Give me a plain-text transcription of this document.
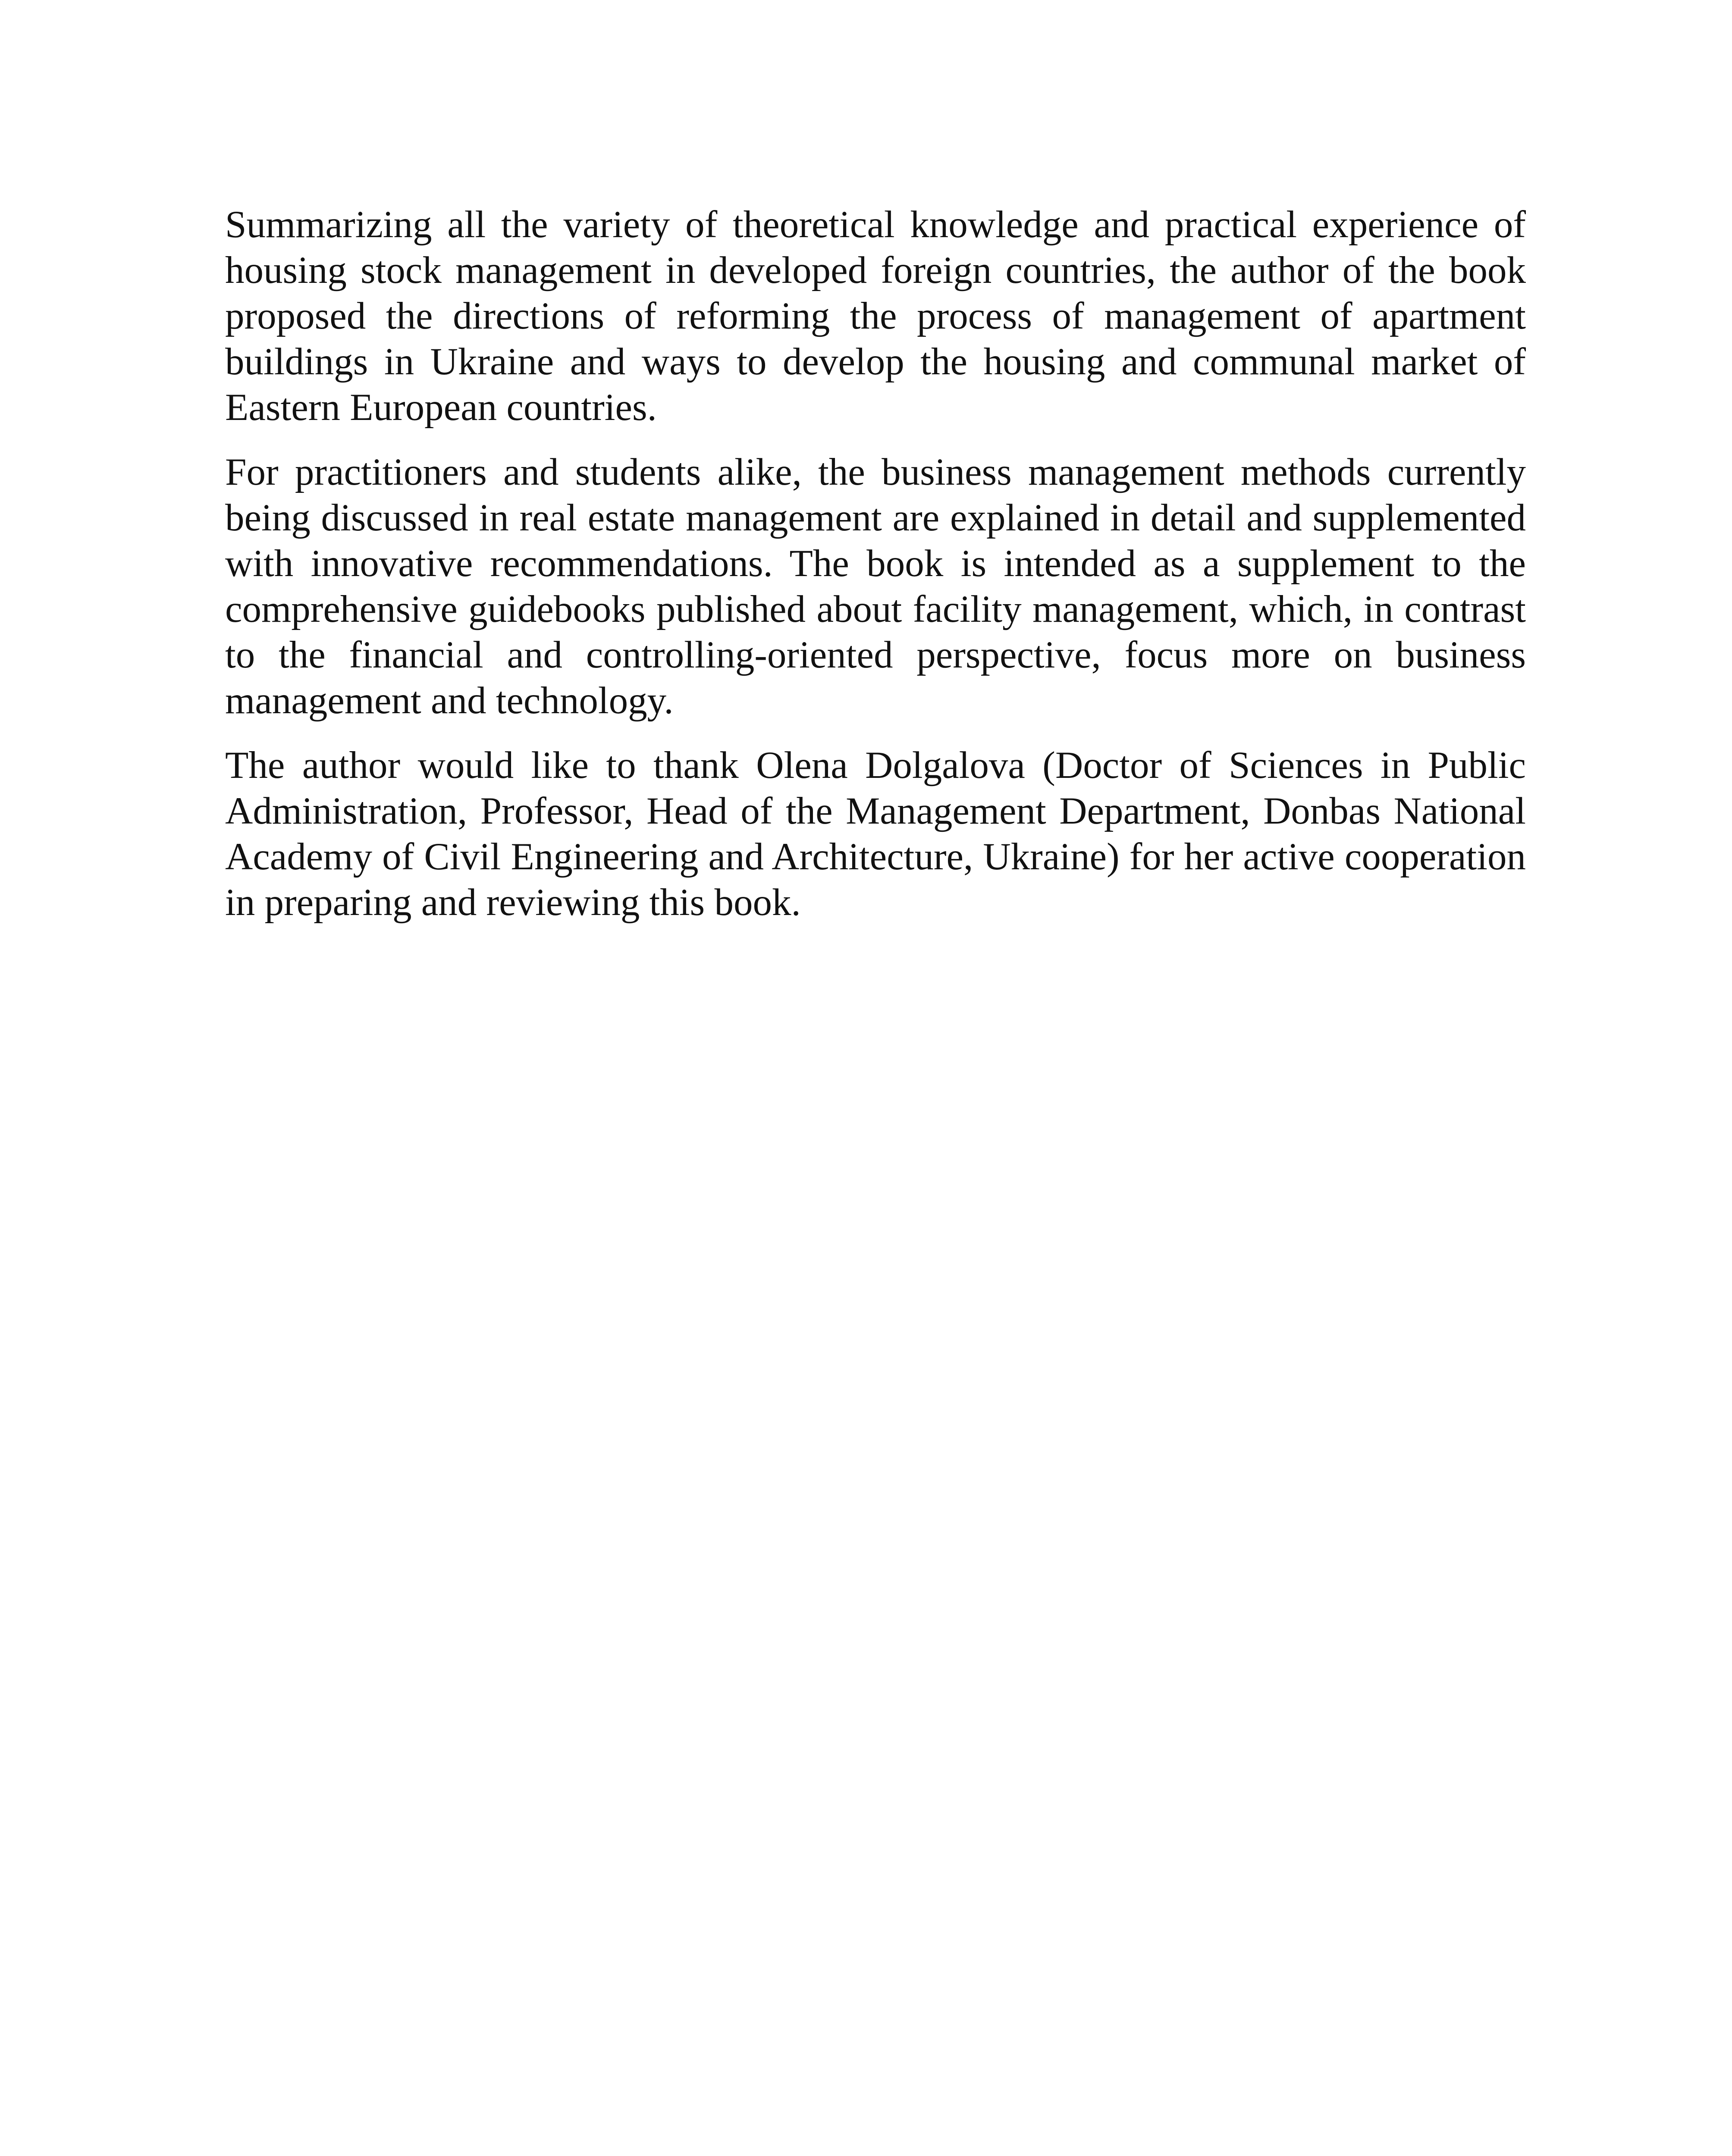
Summarizing all the variety of theoretical knowledge and practical experience of housing stock management in developed foreign countries, the author of the book proposed the directions of reforming the process of management of apartment buildings in Ukraine and ways to develop the housing and communal market of Eastern European countries.

For practitioners and students alike, the business management methods currently being discussed in real estate management are explained in detail and supplemented with innovative recommendations. The book is intended as a supplement to the comprehensive guidebooks published about facility management, which, in contrast to the financial and controlling-oriented perspective, focus more on business management and technology.

The author would like to thank Olena Dolgalova (Doctor of Sciences in Public Administration, Professor, Head of the Management Department, Donbas National Academy of Civil Engineering and Architecture, Ukraine) for her active cooperation in preparing and reviewing this book.
